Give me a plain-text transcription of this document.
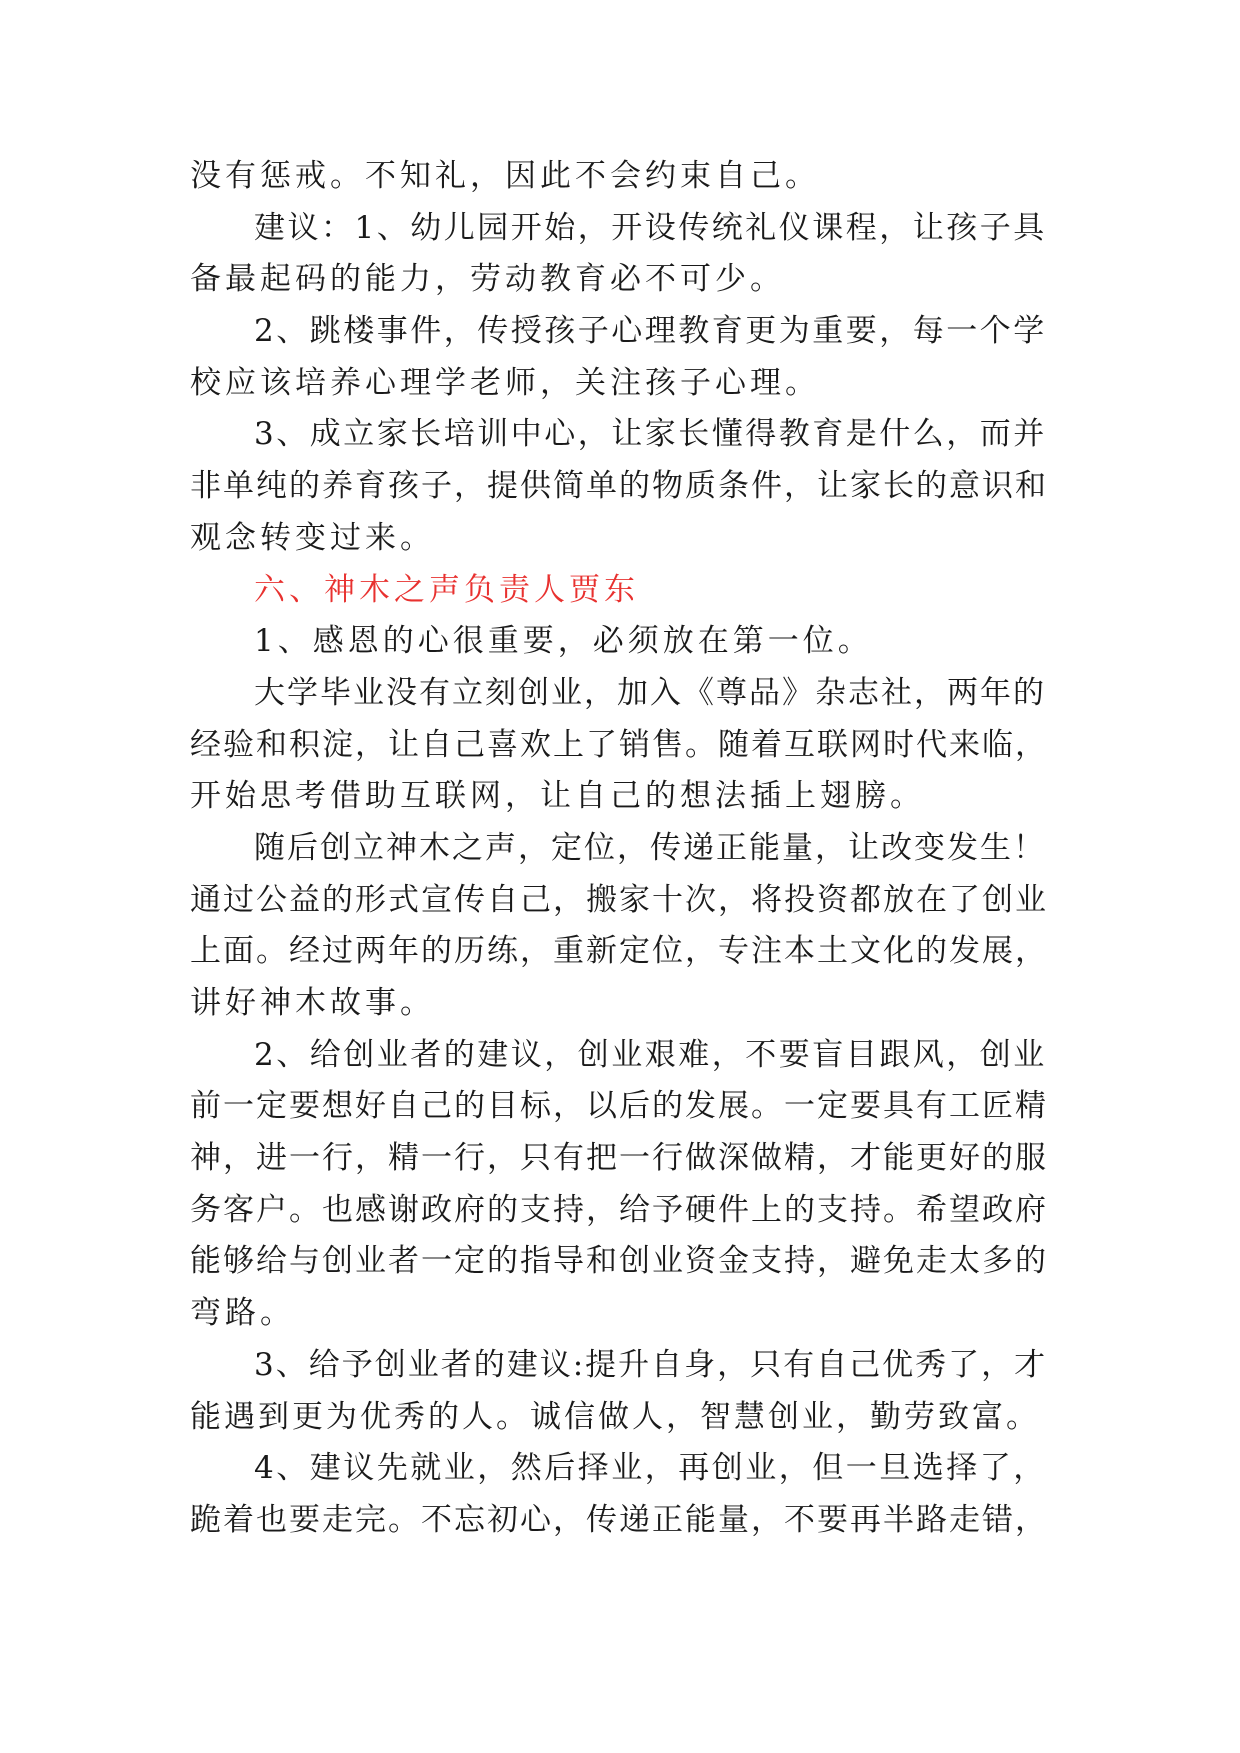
没有惩戒。不知礼，因此不会约束自己。
建议：1、幼儿园开始，开设传统礼仪课程，让孩子具
备最起码的能力，劳动教育必不可少。
2、跳楼事件，传授孩子心理教育更为重要，每一个学
校应该培养心理学老师，关注孩子心理。
3、成立家长培训中心，让家长懂得教育是什么，而并
非单纯的养育孩子，提供简单的物质条件，让家长的意识和
观念转变过来。
六、神木之声负责人贾东
1、感恩的心很重要，必须放在第一位。
大学毕业没有立刻创业，加入《尊品》杂志社，两年的
经验和积淀，让自己喜欢上了销售。随着互联网时代来临，
开始思考借助互联网，让自己的想法插上翅膀。
随后创立神木之声，定位，传递正能量，让改变发生！
通过公益的形式宣传自己，搬家十次，将投资都放在了创业
上面。经过两年的历练，重新定位，专注本土文化的发展，
讲好神木故事。
2、给创业者的建议，创业艰难，不要盲目跟风，创业
前一定要想好自己的目标，以后的发展。一定要具有工匠精
神，进一行，精一行，只有把一行做深做精，才能更好的服
务客户。也感谢政府的支持，给予硬件上的支持。希望政府
能够给与创业者一定的指导和创业资金支持，避免走太多的
弯路。
3、给予创业者的建议:提升自身，只有自己优秀了，才
能遇到更为优秀的人。诚信做人，智慧创业，勤劳致富。
4、建议先就业，然后择业，再创业，但一旦选择了，
跪着也要走完。不忘初心，传递正能量，不要再半路走错，
